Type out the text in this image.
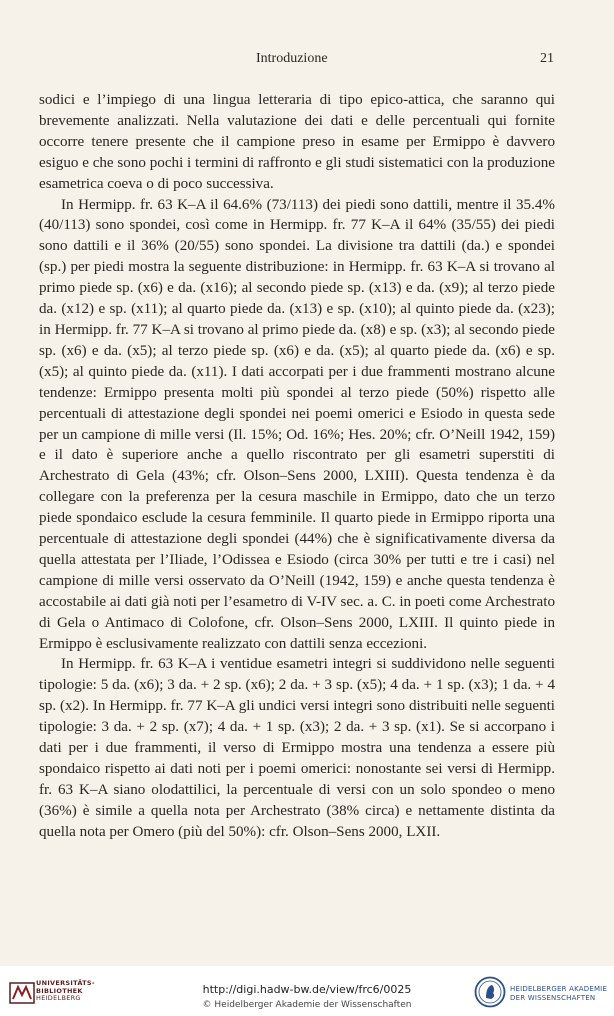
Introduzione	21

sodici e l’impiego di una lingua letteraria di tipo epico-attica, che saranno qui brevemente analizzati. Nella valutazione dei dati e delle percentuali qui fornite occorre tenere presente che il campione preso in esame per Ermippo è davvero esiguo e che sono pochi i termini di raffronto e gli studi sistematici con la produzione esametrica coeva o di poco successiva.

In Hermipp. fr. 63 K–A il 64.6% (73/113) dei piedi sono dattili, mentre il 35.4% (40/113) sono spondei, così come in Hermipp. fr. 77 K–A il 64% (35/55) dei piedi sono dattili e il 36% (20/55) sono spondei. La divisione tra dattili (da.) e spondei (sp.) per piedi mostra la seguente distribuzione: in Hermipp. fr. 63 K–A si trovano al primo piede sp. (x6) e da. (x16); al secondo piede sp. (x13) e da. (x9); al terzo piede da. (x12) e sp. (x11); al quarto piede da. (x13) e sp. (x10); al quinto piede da. (x23); in Hermipp. fr. 77 K–A si trovano al primo piede da. (x8) e sp. (x3); al secondo piede sp. (x6) e da. (x5); al terzo piede sp. (x6) e da. (x5); al quarto piede da. (x6) e sp. (x5); al quinto piede da. (x11). I dati accorpati per i due frammenti mostrano alcune tendenze: Ermippo presenta molti più spondei al terzo piede (50%) rispetto alle percentuali di attestazione degli spondei nei poemi omerici e Esiodo in questa sede per un campione di mille versi (Il. 15%; Od. 16%; Hes. 20%; cfr. O’Neill 1942, 159) e il dato è superiore anche a quello riscontrato per gli esametri superstiti di Archestrato di Gela (43%; cfr. Olson–Sens 2000, LXIII). Questa tendenza è da collegare con la preferenza per la cesura maschile in Ermippo, dato che un terzo piede spondaico esclude la cesura femminile. Il quarto piede in Ermippo riporta una percentuale di attestazione degli spondei (44%) che è significativamente diversa da quella attestata per l’Iliade, l’Odissea e Esiodo (circa 30% per tutti e tre i casi) nel campione di mille versi osservato da O’Neill (1942, 159) e anche questa tendenza è accostabile ai dati già noti per l’esametro di V-IV sec. a. C. in poeti come Archestrato di Gela o Antimaco di Colofone, cfr. Olson–Sens 2000, LXIII. Il quinto piede in Ermippo è esclusivamente realizzato con dattili senza eccezioni.

In Hermipp. fr. 63 K–A i ventidue esametri integri si suddividono nelle seguenti tipologie: 5 da. (x6); 3 da. + 2 sp. (x6); 2 da. + 3 sp. (x5); 4 da. + 1 sp. (x3); 1 da. + 4 sp. (x2). In Hermipp. fr. 77 K–A gli undici versi integri sono distribuiti nelle seguenti tipologie: 3 da. + 2 sp. (x7); 4 da. + 1 sp. (x3); 2 da. + 3 sp. (x1). Se si accorpano i dati per i due frammenti, il verso di Ermippo mostra una tendenza a essere più spondaico rispetto ai dati noti per i poemi omerici: nonostante sei versi di Hermipp. fr. 63 K–A siano olodattilici, la percentuale di versi con un solo spondeo o meno (36%) è simile a quella nota per Archestrato (38% circa) e nettamente distinta da quella nota per Omero (più del 50%): cfr. Olson–Sens 2000, LXII.

UNIVERSITÄTS-
BIBLIOTHEK
HEIDELBERG
http://digi.hadw-bw.de/view/frc6/0025
© Heidelberger Akademie der Wissenschaften
HEIDELBERGER AKADEMIE
DER WISSENSCHAFTEN
